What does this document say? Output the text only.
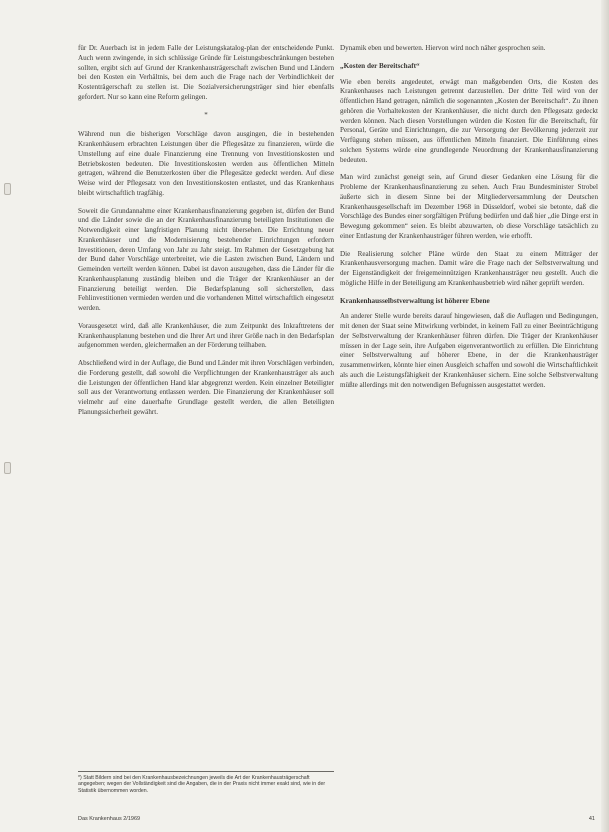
für Dr. Auerbach ist in jedem Falle der Leistungskatalog-plan der entscheidende Punkt. Auch wenn zwingende, in sich schlüssige Gründe für Leistungsbeschränkungen bestehen sollten, ergibt sich auf Grund der Krankenhausträgerschaft zwischen Bund und Ländern bei den Kosten ein Verhältnis, bei dem auch die Frage nach der Verbindlichkeit der Kostenträgerschaft zu stellen ist. Die Sozialversicherungsträger sind hier ebenfalls gefordert. Nur so kann eine Reform gelingen.

*

Während nun die bisherigen Vorschläge davon ausgingen, die in bestehenden Krankenhäusern erbrachten Leistungen über die Pflegesätze zu finanzieren, würde die Umstellung auf eine duale Finanzierung eine Trennung von Investitionskosten und Betriebskosten bedeuten. Die Investitionskosten werden aus öffentlichen Mitteln getragen, während die Benutzerkosten über die Pflegesätze gedeckt werden. Auf diese Weise wird der Pflegesatz von den Investitionskosten entlastet, und das Krankenhaus bleibt wirtschaftlich tragfähig.

Soweit die Grundannahme einer Krankenhausfinanzierung gegeben ist, dürfen der Bund und die Länder sowie die an der Krankenhausfinanzierung beteiligten Institutionen die Notwendigkeit einer langfristigen Planung nicht übersehen. Die Errichtung neuer Krankenhäuser und die Modernisierung bestehender Einrichtungen erfordern Investitionen, deren Umfang von Jahr zu Jahr steigt. Im Rahmen der Gesetzgebung hat der Bund daher Vorschläge unterbreitet, wie die Lasten zwischen Bund, Ländern und Gemeinden verteilt werden können. Dabei ist davon auszugehen, dass die Länder für die Krankenhausplanung zuständig bleiben und die Träger der Krankenhäuser an der Finanzierung beteiligt werden. Die Bedarfsplanung soll sicherstellen, dass Fehlinvestitionen vermieden werden und die vorhandenen Mittel wirtschaftlich eingesetzt werden.

Vorausgesetzt wird, daß alle Krankenhäuser, die zum Zeitpunkt des Inkrafttretens der Krankenhausplanung bestehen und die Ihrer Art und ihrer Größe nach in den Bedarfsplan aufgenommen werden, gleichermaßen an der Förderung teilhaben.

Abschließend wird in der Auflage, die Bund und Länder mit ihren Vorschlägen verbinden, die Forderung gestellt, daß sowohl die Verpflichtungen der Krankenhausträger als auch die Leistungen der öffentlichen Hand klar abgegrenzt werden. Kein einzelner Beteiligter soll aus der Verantwortung entlassen werden. Die Finanzierung der Krankenhäuser soll vielmehr auf eine dauerhafte Grundlage gestellt werden, die allen Beteiligten Planungssicherheit gewährt.

Dynamik eben und bewerten. Hiervon wird noch näher gesprochen sein.

„Kosten der Bereitschaft“

Wie eben bereits angedeutet, erwägt man maßgebenden Orts, die Kosten des Krankenhauses nach Leistungen getrennt darzustellen. Der dritte Teil wird von der öffentlichen Hand getragen, nämlich die sogenannten „Kosten der Bereitschaft“. Zu ihnen gehören die Vorhaltekosten der Krankenhäuser, die nicht durch den Pflegesatz gedeckt werden können. Nach diesen Vorstellungen würden die Kosten für die Bereitschaft, für Personal, Geräte und Einrichtungen, die zur Versorgung der Bevölkerung jederzeit zur Verfügung stehen müssen, aus öffentlichen Mitteln finanziert. Die Einführung eines solchen Systems würde eine grundlegende Neuordnung der Krankenhausfinanzierung bedeuten.

Man wird zunächst geneigt sein, auf Grund dieser Gedanken eine Lösung für die Probleme der Krankenhausfinanzierung zu sehen. Auch Frau Bundesminister Strobel äußerte sich in diesem Sinne bei der Mitgliederversammlung der Deutschen Krankenhausgesellschaft im Dezember 1968 in Düsseldorf, wobei sie betonte, daß die Vorschläge des Bundes einer sorgfältigen Prüfung bedürfen und daß hier „die Dinge erst in Bewegung gekommen“ seien. Es bleibt abzuwarten, ob diese Vorschläge tatsächlich zu einer Entlastung der Krankenhausträger führen werden, wie erhofft.

Die Realisierung solcher Pläne würde den Staat zu einem Mitträger der Krankenhausversorgung machen. Damit wäre die Frage nach der Selbstverwaltung und der Eigenständigkeit der freigemeinnützigen Krankenhausträger neu gestellt. Auch die mögliche Hilfe in der Beteiligung am Krankenhausbetrieb wird näher geprüft werden.

Krankenhausselbstverwaltung ist höherer Ebene

An anderer Stelle wurde bereits darauf hingewiesen, daß die Auflagen und Bedingungen, mit denen der Staat seine Mitwirkung verbindet, in keinem Fall zu einer Beeinträchtigung der Selbstverwaltung der Krankenhäuser führen dürfen. Die Träger der Krankenhäuser müssen in der Lage sein, ihre Aufgaben eigenverantwortlich zu erfüllen. Die Einrichtung einer Selbstverwaltung auf höherer Ebene, in der die Krankenhausträger zusammenwirken, könnte hier einen Ausgleich schaffen und sowohl die Wirtschaftlichkeit als auch die Leistungsfähigkeit der Krankenhäuser sichern. Eine solche Selbstverwaltung müßte allerdings mit den notwendigen Befugnissen ausgestattet werden.

*) Statt Bildern sind bei den Krankenhausbezeichnungen jeweils die Art der Krankenhausträgerschaft angegeben; wegen der Vollständigkeit sind die Angaben, die in der Praxis nicht immer exakt sind, wie in der Statistik übernommen worden.
Das Krankenhaus 2/1969	41
